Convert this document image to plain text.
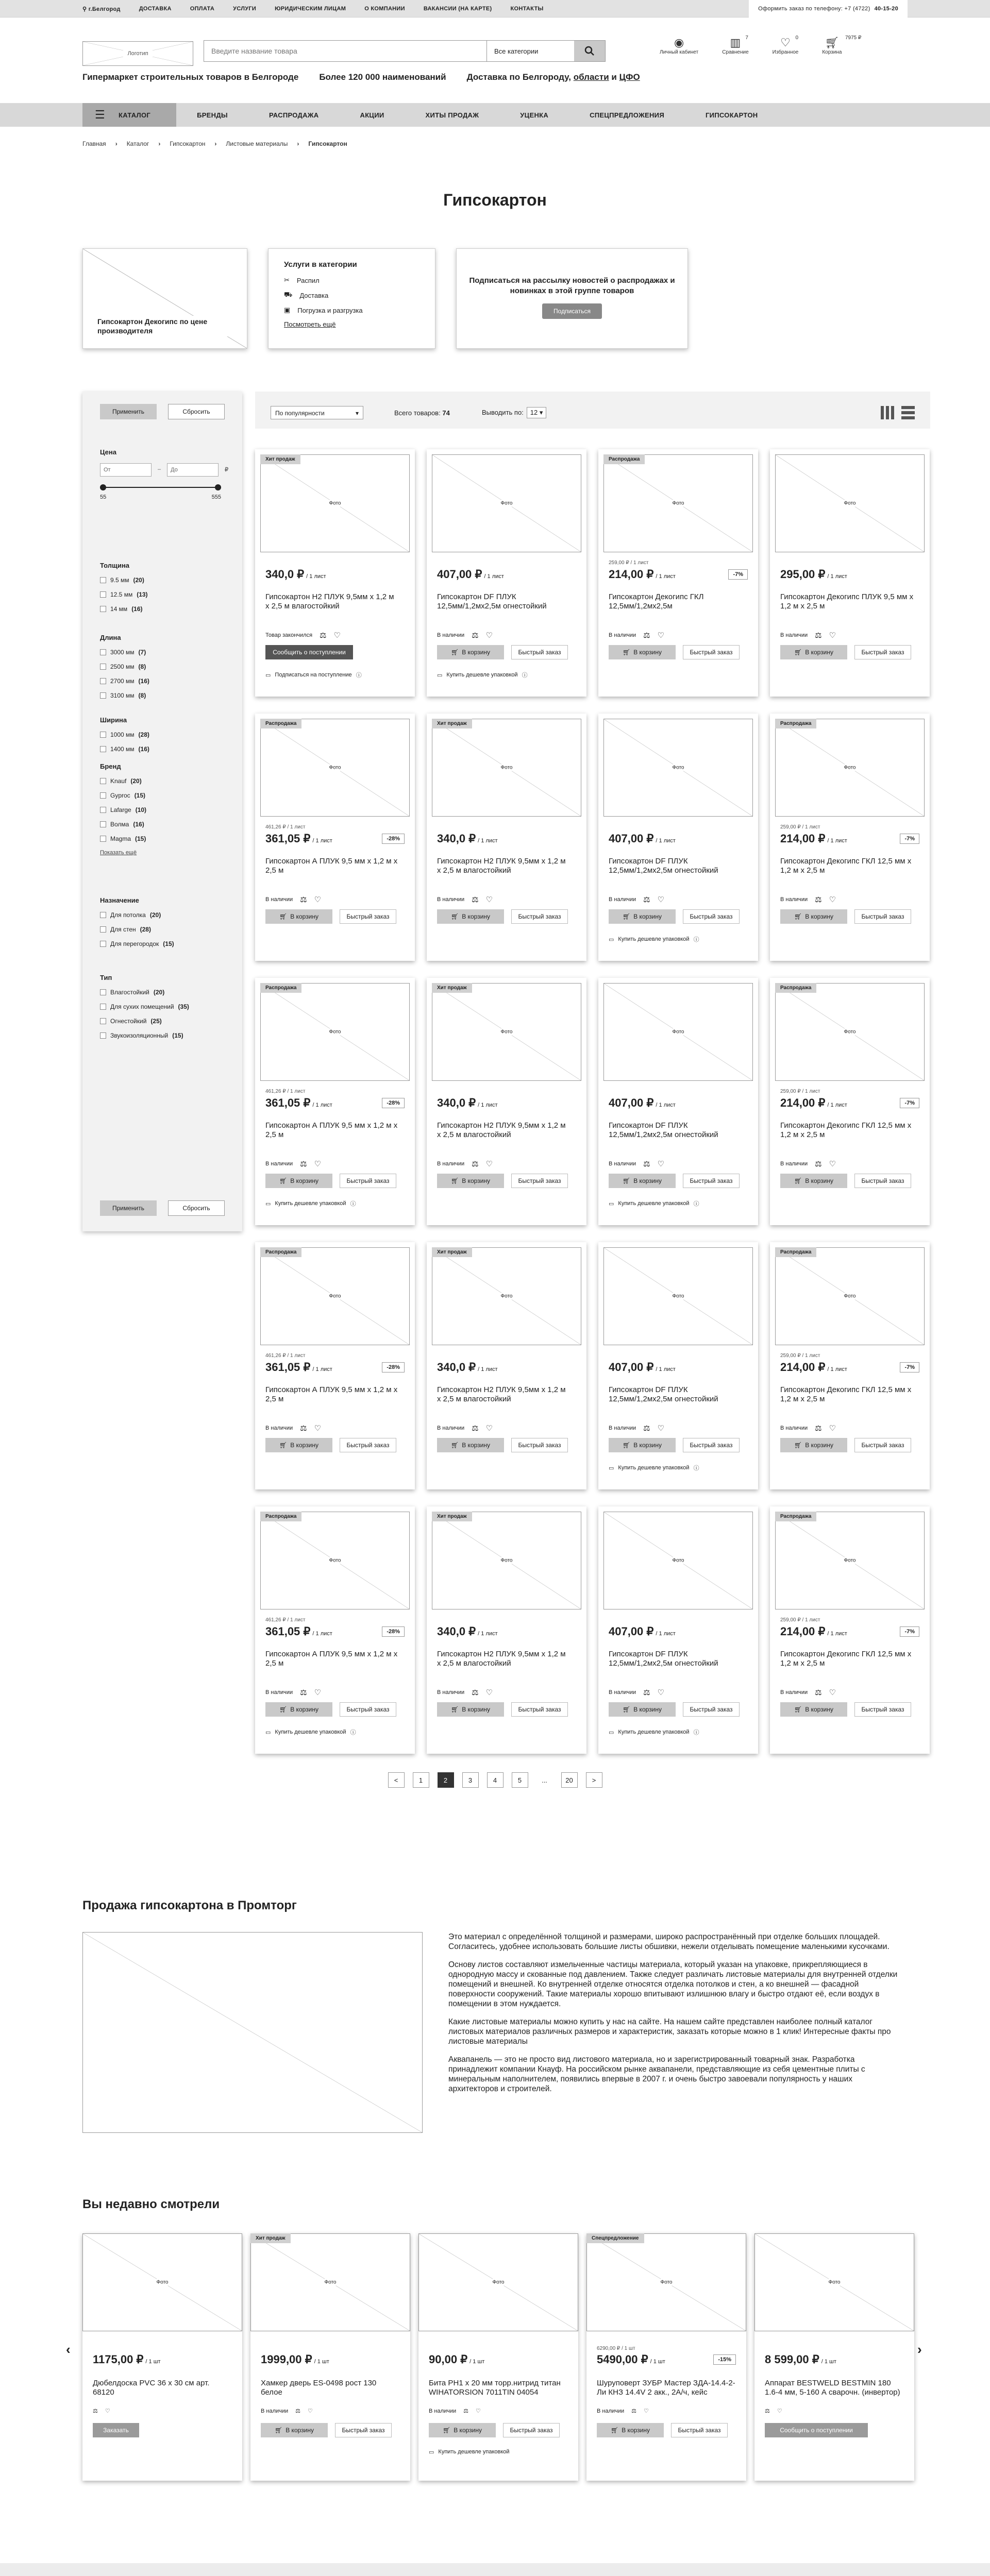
⚲ г.Белгород	ДОСТАВКА	ОПЛАТА	УСЛУГИ	ЮРИДИЧЕСКИМ ЛИЦАМ	О КОМПАНИИ	ВАКАНСИИ (НА КАРТЕ)	КОНТАКТЫ	Оформить заказ по телефону:
+7 (4722) 40-15-20
Логотип
Введите название товара	Все категории
◉
Личный кабинет
▥ 7
Сравнение
♡ 0
Избранное
🛒︎ 7975 ₽
Корзина
Гипермаркет строительных товаров в Белгороде Более 120 000 наименований Доставка по Белгороду, области и ЦФО
☰ КАТАЛОГ	БРЕНДЫ	РАСПРОДАЖА	АКЦИИ	ХИТЫ ПРОДАЖ	УЦЕНКА	СПЕЦПРЕДЛОЖЕНИЯ	ГИПСОКАРТОН
Главная › Каталог › Гипсокартон › Листовые материалы › Гипсокартон
Гипсокартон
Гипсокартон Декогипс по цене производителя
Услуги в категории
✂ Распил
⛟ Доставка
▣ Погрузка и разгрузка
Посмотреть ещё
Подписаться на рассылку новостей о распродажах и новинках в этой группе товаров
Подписаться
Применить	Сбросить
Цена
От	–	До	₽
55	555
Толщина
9.5 мм (20)
12.5 мм (13)
14 мм (16)
Длина
3000 мм (7)
2500 мм (8)
2700 мм (16)
3100 мм (8)
Ширина
1000 мм (28)
1400 мм (16)
Бренд
Knauf (20)
Gyproc (15)
Lafarge (10)
Волма (16)
Magma (15)
Показать ещё
Назначение
Для потолка (20)
Для стен (28)
Для перегородок (15)
Тип
Влагостойкий (20)
Для сухих помещений (35)
Огнестойкий (25)
Звукоизоляционный (15)
Применить	Сбросить
По популярности	▾	Всего товаров: 74	Выводить по: 12 ▾
Фото
Хит продаж
340,0 ₽ / 1 лист
Гипсокартон Н2 ПЛУК 9,5мм х 1,2 м х 2,5 м влагостойкий
Товар закончился ⚖ ♡
Сообщить о поступлении
▭ Подписаться на поступление ⓘ
Фото
407,00 ₽ / 1 лист
Гипсокартон DF ПЛУК 12,5мм/1,2мх2,5м огнестойкий
В наличии ⚖ ♡
🛒︎ В корзину	Быстрый заказ
▭ Купить дешевле упаковкой ⓘ
Фото
Распродажа
259,00 ₽ / 1 лист
214,00 ₽ / 1 лист	-7%
Гипсокартон Декогипс ГКЛ 12,5мм/1,2мх2,5м
В наличии ⚖ ♡
🛒︎ В корзину	Быстрый заказ
Фото
295,00 ₽ / 1 лист
Гипсокартон Декогипс ПЛУК 9,5 мм х 1,2 м х 2,5 м
В наличии ⚖ ♡
🛒︎ В корзину	Быстрый заказ
Фото
Распродажа
461,26 ₽ / 1 лист
361,05 ₽ / 1 лист	-28%
Гипсокартон А ПЛУК 9,5 мм х 1,2 м х 2,5 м
В наличии ⚖ ♡
🛒︎ В корзину	Быстрый заказ
Фото
Хит продаж
340,0 ₽ / 1 лист
Гипсокартон Н2 ПЛУК 9,5мм х 1,2 м х 2,5 м влагостойкий
В наличии ⚖ ♡
🛒︎ В корзину	Быстрый заказ
Фото
407,00 ₽ / 1 лист
Гипсокартон DF ПЛУК 12,5мм/1,2мх2,5м огнестойкий
В наличии ⚖ ♡
🛒︎ В корзину	Быстрый заказ
▭ Купить дешевле упаковкой ⓘ
Фото
Распродажа
259,00 ₽ / 1 лист
214,00 ₽ / 1 лист	-7%
Гипсокартон Декогипс ГКЛ 12,5 мм х 1,2 м х 2,5 м
В наличии ⚖ ♡
🛒︎ В корзину	Быстрый заказ
Фото
Распродажа
461,26 ₽ / 1 лист
361,05 ₽ / 1 лист	-28%
Гипсокартон А ПЛУК 9,5 мм х 1,2 м х 2,5 м
В наличии ⚖ ♡
🛒︎ В корзину	Быстрый заказ
▭ Купить дешевле упаковкой ⓘ
Фото
Хит продаж
340,0 ₽ / 1 лист
Гипсокартон Н2 ПЛУК 9,5мм х 1,2 м х 2,5 м влагостойкий
В наличии ⚖ ♡
🛒︎ В корзину	Быстрый заказ
Фото
407,00 ₽ / 1 лист
Гипсокартон DF ПЛУК 12,5мм/1,2мх2,5м огнестойкий
В наличии ⚖ ♡
🛒︎ В корзину	Быстрый заказ
▭ Купить дешевле упаковкой ⓘ
Фото
Распродажа
259,00 ₽ / 1 лист
214,00 ₽ / 1 лист	-7%
Гипсокартон Декогипс ГКЛ 12,5 мм х 1,2 м х 2,5 м
В наличии ⚖ ♡
🛒︎ В корзину	Быстрый заказ
Фото
Распродажа
461,26 ₽ / 1 лист
361,05 ₽ / 1 лист	-28%
Гипсокартон А ПЛУК 9,5 мм х 1,2 м х 2,5 м
В наличии ⚖ ♡
🛒︎ В корзину	Быстрый заказ
Фото
Хит продаж
340,0 ₽ / 1 лист
Гипсокартон Н2 ПЛУК 9,5мм х 1,2 м х 2,5 м влагостойкий
В наличии ⚖ ♡
🛒︎ В корзину	Быстрый заказ
Фото
407,00 ₽ / 1 лист
Гипсокартон DF ПЛУК 12,5мм/1,2мх2,5м огнестойкий
В наличии ⚖ ♡
🛒︎ В корзину	Быстрый заказ
▭ Купить дешевле упаковкой ⓘ
Фото
Распродажа
259,00 ₽ / 1 лист
214,00 ₽ / 1 лист	-7%
Гипсокартон Декогипс ГКЛ 12,5 мм х 1,2 м х 2,5 м
В наличии ⚖ ♡
🛒︎ В корзину	Быстрый заказ
Фото
Распродажа
461,26 ₽ / 1 лист
361,05 ₽ / 1 лист	-28%
Гипсокартон А ПЛУК 9,5 мм х 1,2 м х 2,5 м
В наличии ⚖ ♡
🛒︎ В корзину	Быстрый заказ
▭ Купить дешевле упаковкой ⓘ
Фото
Хит продаж
340,0 ₽ / 1 лист
Гипсокартон Н2 ПЛУК 9,5мм х 1,2 м х 2,5 м влагостойкий
В наличии ⚖ ♡
🛒︎ В корзину	Быстрый заказ
Фото
407,00 ₽ / 1 лист
Гипсокартон DF ПЛУК 12,5мм/1,2мх2,5м огнестойкий
В наличии ⚖ ♡
🛒︎ В корзину	Быстрый заказ
▭ Купить дешевле упаковкой ⓘ
Фото
Распродажа
259,00 ₽ / 1 лист
214,00 ₽ / 1 лист	-7%
Гипсокартон Декогипс ГКЛ 12,5 мм х 1,2 м х 2,5 м
В наличии ⚖ ♡
🛒︎ В корзину	Быстрый заказ
<	1	2	3	4	5	...	20	>
Продажа гипсокартона в Промторг

Это материал с определённой толщиной и размерами, широко распространённый при отделке больших площадей. Согласитесь, удобнее использовать большие листы обшивки, нежели отделывать помещение маленькими кусочками.

Основу листов составляют измельченные частицы материала, который указан на упаковке, прикрепляющиеся в однородную массу и скованные под давлением. Также следует различать листовые материалы для внутренней отделки помещений и внешней. Ко внутренней отделке относятся отделка потолков и стен, а ко внешней — фасадной поверхности сооружений. Такие материалы хорошо впитывают излишнюю влагу и быстро отдают её, если воздух в помещении в этом нуждается.

Какие листовые материалы можно купить у нас на сайте. На нашем сайте представлен наиболее полный каталог листовых материалов различных размеров и характеристик, заказать которые можно в 1 клик! Интересные факты про листовые материалы

Аквапанель — это не просто вид листового материала, но и зарегистрированный товарный знак. Разработка принадлежит компании Кнауф. На российском рынке аквапанели, представляющие из себя цементные плиты с минеральным наполнителем, появились впервые в 2007 г. и очень быстро завоевали популярность у наших архитекторов и строителей.

Вы недавно смотрели
‹	›
Фото
1175,00 ₽ / 1 шт
Дюбелдоска PVC 36 х 30 см арт. 68120
⚖ ♡
Заказать
Фото
Хит продаж
1999,00 ₽ / 1 шт
Хамкер дверь ES-0498 рост 130 белое
В наличии ⚖ ♡
🛒︎ В корзину	Быстрый заказ
Фото
90,00 ₽ / 1 шт
Бита PH1 х 20 мм торр.нитрид титан WIHATORSION 7011TIN 04054
В наличии ⚖ ♡
🛒︎ В корзину	Быстрый заказ
▭ Купить дешевле упаковкой
Фото
Спецпредложение
6290,00 ₽ / 1 шт
5490,00 ₽ / 1 шт	-15%
Шуруповерт ЗУБР Мастер ЗДА-14.4-2-Ли КНЗ 14.4V 2 акк., 2А/ч, кейс
В наличии ⚖ ♡
🛒︎ В корзину	Быстрый заказ
Фото
8 599,00 ₽ / 1 шт
Аппарат BESTWELD BESTMIN 180 1.6-4 мм, 5-160 А сварочн. (инвертор)
⚖ ♡
Сообщить о поступлении
